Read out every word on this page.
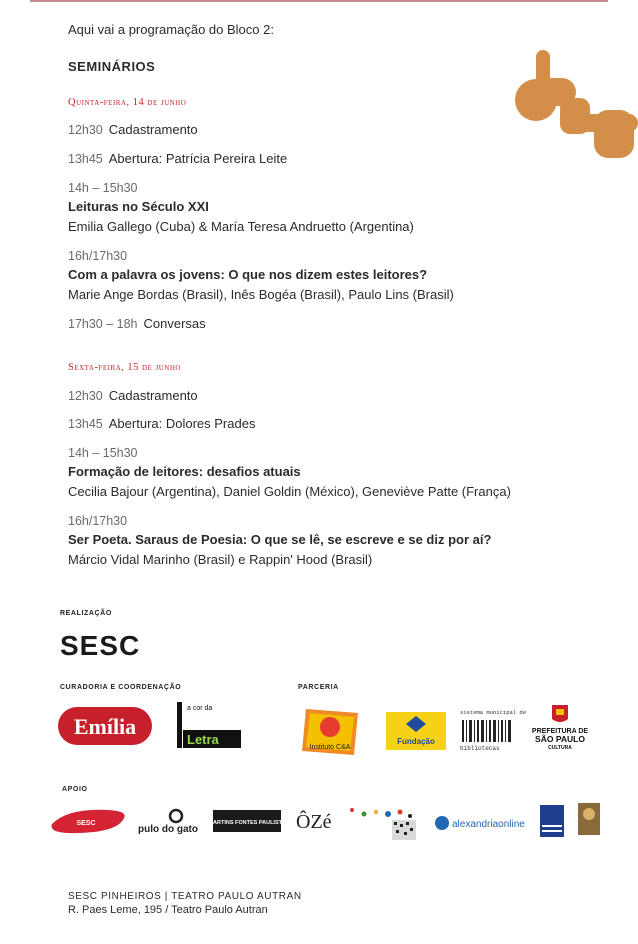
Aqui vai a programação do Bloco 2:

SEMINÁRIOS
Quinta-feira, 14 de junho
12h30 Cadastramento
13h45 Abertura: Patrícia Pereira Leite
14h – 15h30
Leituras no Século XXI
Emilia Gallego (Cuba) & María Teresa Andruetto (Argentina)
16h/17h30
Com a palavra os jovens: O que nos dizem estes leitores?
Marie Ange Bordas (Brasil), Inês Bogéa (Brasil), Paulo Lins (Brasil)
17h30 – 18h Conversas
Sexta-feira, 15 de junho
12h30 Cadastramento
13h45 Abertura: Dolores Prades
14h – 15h30
Formação de leitores: desafios atuais
Cecilia Bajour (Argentina), Daniel Goldin (México), Geneviève Patte (França)
16h/17h30
Ser Poeta. Saraus de Poesia: O que se lê, se escreve e se diz por aí?
Márcio Vidal Marinho (Brasil) e Rappin' Hood (Brasil)
REALIZAÇÃO
SESC
CURADORIA E COORDENAÇÃO	PARCERIA
Emília
a cor da
Letra
Instituto C&A
Fundação
sistema municipal de
bibliotecas
PREFEITURA DE
SÃO PAULO
CULTURA
APOIO
SESC
pulo do gato
MARTINS FONTES PAULISTA ÔZé	alexandriaonline
SESC PINHEIROS | TEATRO PAULO AUTRAN
R. Paes Leme, 195 / Teatro Paulo Autran
